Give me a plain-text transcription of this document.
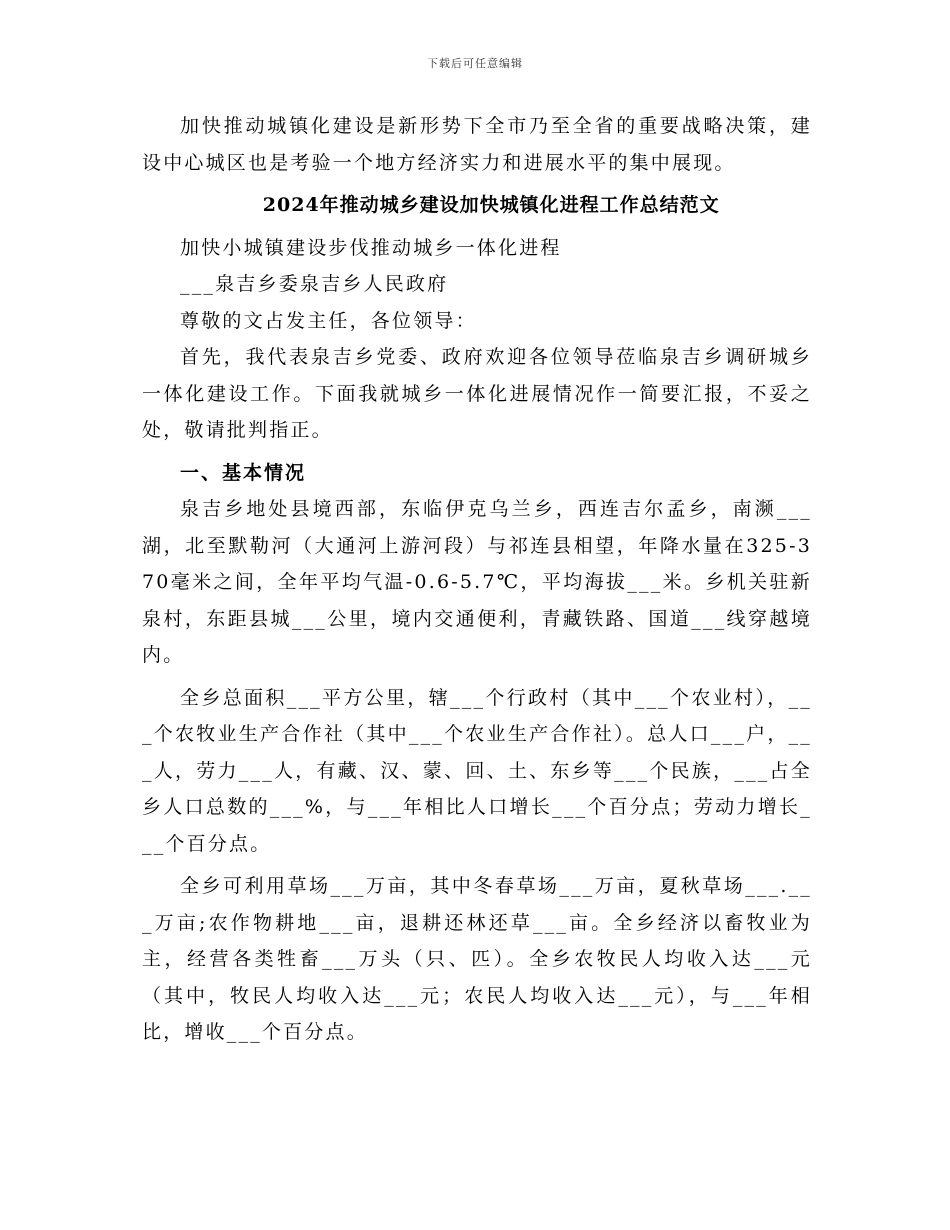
下载后可任意编辑

加快推动城镇化建设是新形势下全市乃至全省的重要战略决策，建设中心城区也是考验一个地方经济实力和进展水平的集中展现。

2024年推动城乡建设加快城镇化进程工作总结范文

加快小城镇建设步伐推动城乡一体化进程

___泉吉乡委泉吉乡人民政府

尊敬的文占发主任，各位领导：

首先，我代表泉吉乡党委、政府欢迎各位领导莅临泉吉乡调研城乡一体化建设工作。下面我就城乡一体化进展情况作一简要汇报，不妥之处，敬请批判指正。

一、基本情况

泉吉乡地处县境西部，东临伊克乌兰乡，西连吉尔孟乡，南濒___湖，北至默勒河（大通河上游河段）与祁连县相望，年降水量在325-370毫米之间，全年平均气温-0.6-5.7℃，平均海拔___米。乡机关驻新泉村，东距县城___公里，境内交通便利，青藏铁路、国道___线穿越境内。

全乡总面积___平方公里，辖___个行政村（其中___个农业村），___个农牧业生产合作社（其中___个农业生产合作社）。总人口___户，___人，劳力___人，有藏、汉、蒙、回、土、东乡等___个民族，___占全乡人口总数的___%，与___年相比人口增长___个百分点；劳动力增长___个百分点。

全乡可利用草场___万亩，其中冬春草场___万亩，夏秋草场___.___万亩;农作物耕地___亩，退耕还林还草___亩。全乡经济以畜牧业为主，经营各类牲畜___万头（只、匹）。全乡农牧民人均收入达___元（其中，牧民人均收入达___元；农民人均收入达___元），与___年相比，增收___个百分点。
